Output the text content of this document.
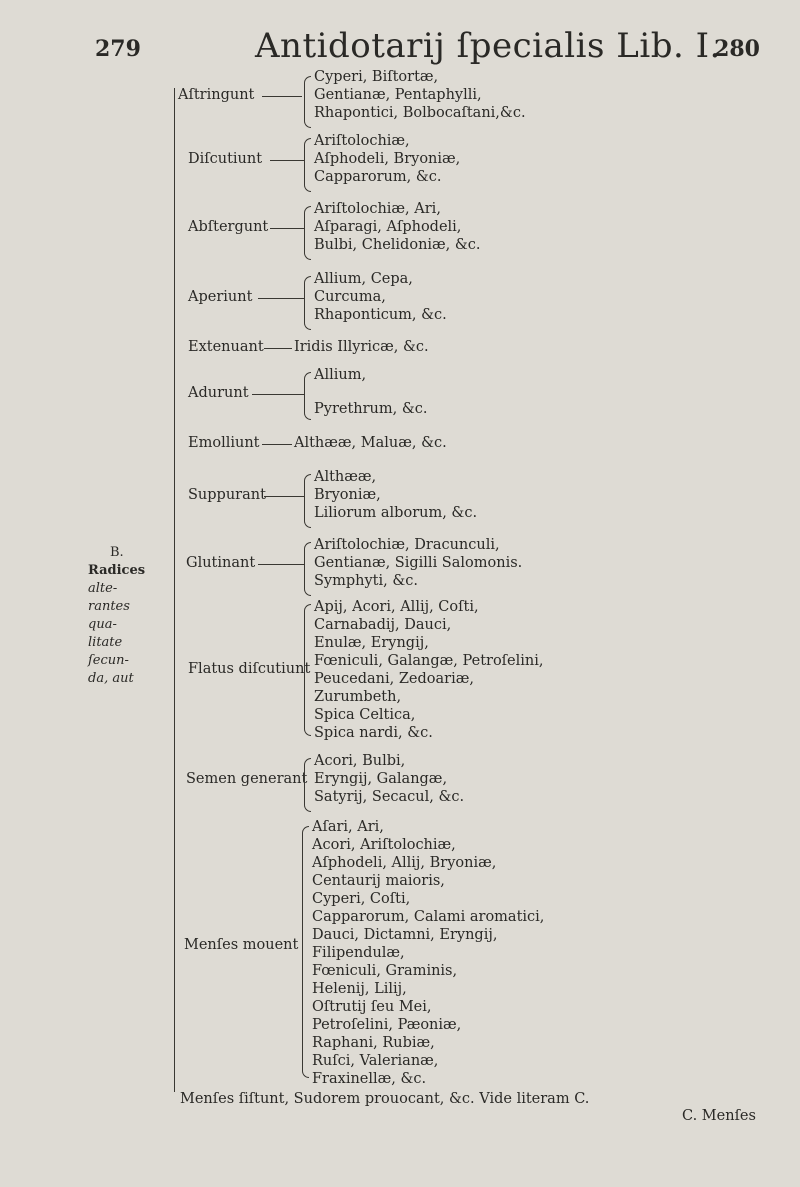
279	Antidotarij ſpecialis Lib. I.
280
B.
Radices
alte-
rantes qua-
litate ſecun-
da, aut
Aſtringunt
Cyperi, Biſtortæ,
Gentianæ, Pentaphylli,
Rhapontici, Bolbocaſtani,&c.
Diſcutiunt
Ariſtolochiæ,
Aſphodeli, Bryoniæ,
Capparorum, &c.
Abſtergunt
Ariſtolochiæ, Ari,
Aſparagi, Aſphodeli,
Bulbi, Chelidoniæ, &c.
Aperiunt
Allium, Cepa,
Curcuma,
Rhaponticum, &c.
Extenuant Iridis Illyricæ, &c.
Adurunt
Allium,
Pyrethrum, &c.
Emolliunt Althææ, Maluæ, &c.
Suppurant
Althææ,
Bryoniæ,
Liliorum alborum, &c.
Glutinant
Ariſtolochiæ, Dracunculi,
Gentianæ, Sigilli Salomonis.
Symphyti, &c.
Flatus diſcutiunt
Apij, Acori, Allij, Coſti,
Carnabadij, Dauci,
Enulæ, Eryngij,
Fœniculi, Galangæ, Petroſelini,
Peucedani, Zedoariæ,
Zurumbeth,
Spica Celtica,
Spica nardi, &c.
Semen generant
Acori, Bulbi,
Eryngij, Galangæ,
Satyrij, Secacul, &c.
Menſes mouent
Aſari, Ari,
Acori, Ariſtolochiæ,
Aſphodeli, Allij, Bryoniæ,
Centaurij maioris,
Cyperi, Coſti,
Capparorum, Calami aromatici,
Dauci, Dictamni, Eryngij,
Filipendulæ,
Fœniculi, Graminis,
Helenij, Lilij,
Oſtrutij ſeu Mei,
Petroſelini, Pæoniæ,
Raphani, Rubiæ,
Ruſci, Valerianæ,
Fraxinellæ, &c.
Menſes ſiſtunt, Sudorem prouocant, &c. Vide literam C.
C. Menſes
